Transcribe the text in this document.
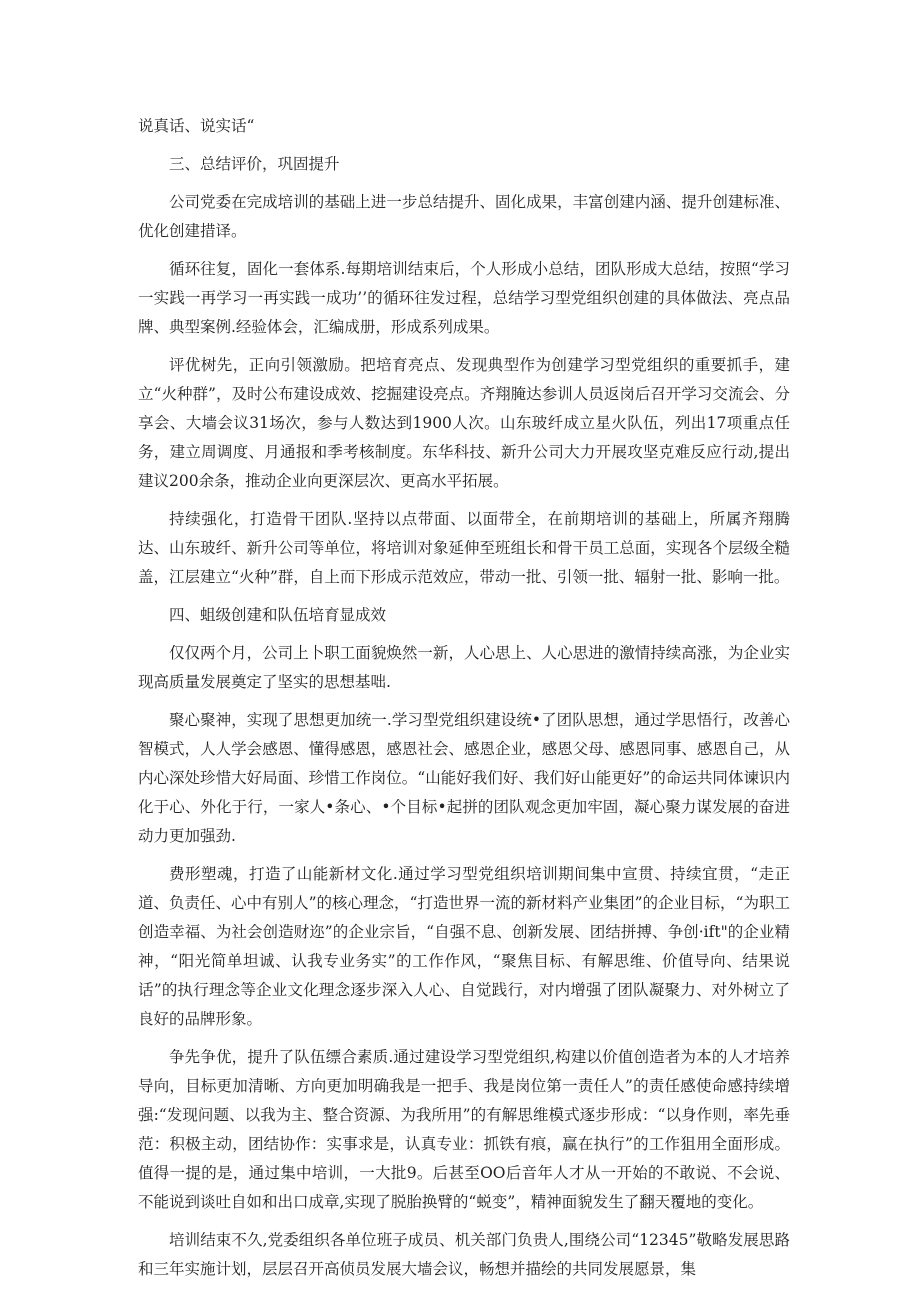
说真话、说实话“

三、总结评价，巩固提升

公司党委在完成培训的基础上进一步总结提升、固化成果，丰富创建内涵、提升创建标准、优化创建措译。

循环往复，固化一套体系.每期培训结束后，个人形成小总结，团队形成大总结，按照“学习一实践一再学习一再实践一成功’’的循环往发过程，总结学习型党组织创建的具体做法、亮点品牌、典型案例.经验体会，汇编成册，形成系列成果。

评优树先，正向引领激励。把培育亮点、发现典型作为创建学习型党组织的重要抓手，建立“火种群”，及时公布建设成效、挖掘建设亮点。齐翔腌达参训人员返岗后召开学习交流会、分享会、大墙会议31场次，参与人数达到1900人次。山东玻纤成立星火队伍，列出17项重点任务，建立周调度、月通报和季考核制度。东华科技、新升公司大力开展攻坚克难反应行动,提出建议200余条，推动企业向更深层次、更高水平拓展。

持续强化，打造骨干团队.坚持以点带面、以面带全，在前期培训的基础上，所属齐翔腾达、山东玻纤、新升公司等单位，将培训对象延伸至班组长和骨干员工总面，实现各个层级全糙盖，江层建立“火种”群，自上而下形成示范效应，带动一批、引领一批、辐射一批、影响一批。

四、蛆级创建和队伍培育显成效

仅仅两个月，公司上卜职工面貌焕然一新，人心思上、人心思进的激情持续高涨，为企业实现高质量发展奠定了坚实的思想基咄.

聚心聚神，实现了思想更加统一.学习型党组织建设统•了团队思想，通过学思悟行，改善心智模式，人人学会感恩、懂得感恩，感恩社会、感恩企业，感恩父母、感恩同事、感恩自己，从内心深处珍惜大好局面、珍惜工作岗位。“山能好我们好、我们好山能更好”的命运共同体谏识内化于心、外化于行，一家人•条心、•个目标•起拼的团队观念更加牢固，凝心聚力谋发展的奋进动力更加强劲.

费形塑魂，打造了山能新材文化.通过学习型党组织培训期间集中宣贯、持续宜贯，“走正道、负责任、心中有别人”的核心理念，“打造世界一流的新材料产业集团”的企业目标，“为职工创造幸福、为社会创造财迩”的企业宗旨，“自强不息、创新发展、团结拼搏、争创·ift"的企业精神，“阳光简单坦诚、认我专业务实”的工作作风，“聚焦目标、有解思维、价值导向、结果说话”的执行理念等企业文化理念逐步深入人心、自觉践行，对内增强了团队凝聚力、对外树立了良好的品牌形象。

争先争优，提升了队伍缥合素质.通过建设学习型党组织,构建以价值创造者为本的人才培养导向，目标更加清晰、方向更加明确我是一把手、我是岗位第一责任人”的责任感使命感持续增强:“发现问题、以我为主、整合资源、为我所用”的有解思维模式逐步形成：“以身作则，率先垂范：积极主动，团结协作：实事求是，认真专业：抓铁有痕，赢在执行”的工作狙用全面形成。值得一提的是，通过集中培训，一大批9。后甚至OO后音年人才从一开始的不敢说、不会说、不能说到谈吐自如和出口成章,实现了脱胎换臂的“蜕变”，精神面貌发生了翻天覆地的变化。

培训结束不久,党委组织各单位班子成员、机关部门负贵人,围绕公司“12345”敬略发展思路和三年实施计划，层层召开高侦员发展大墙会议，畅想并描绘的共同发展愿景，集
